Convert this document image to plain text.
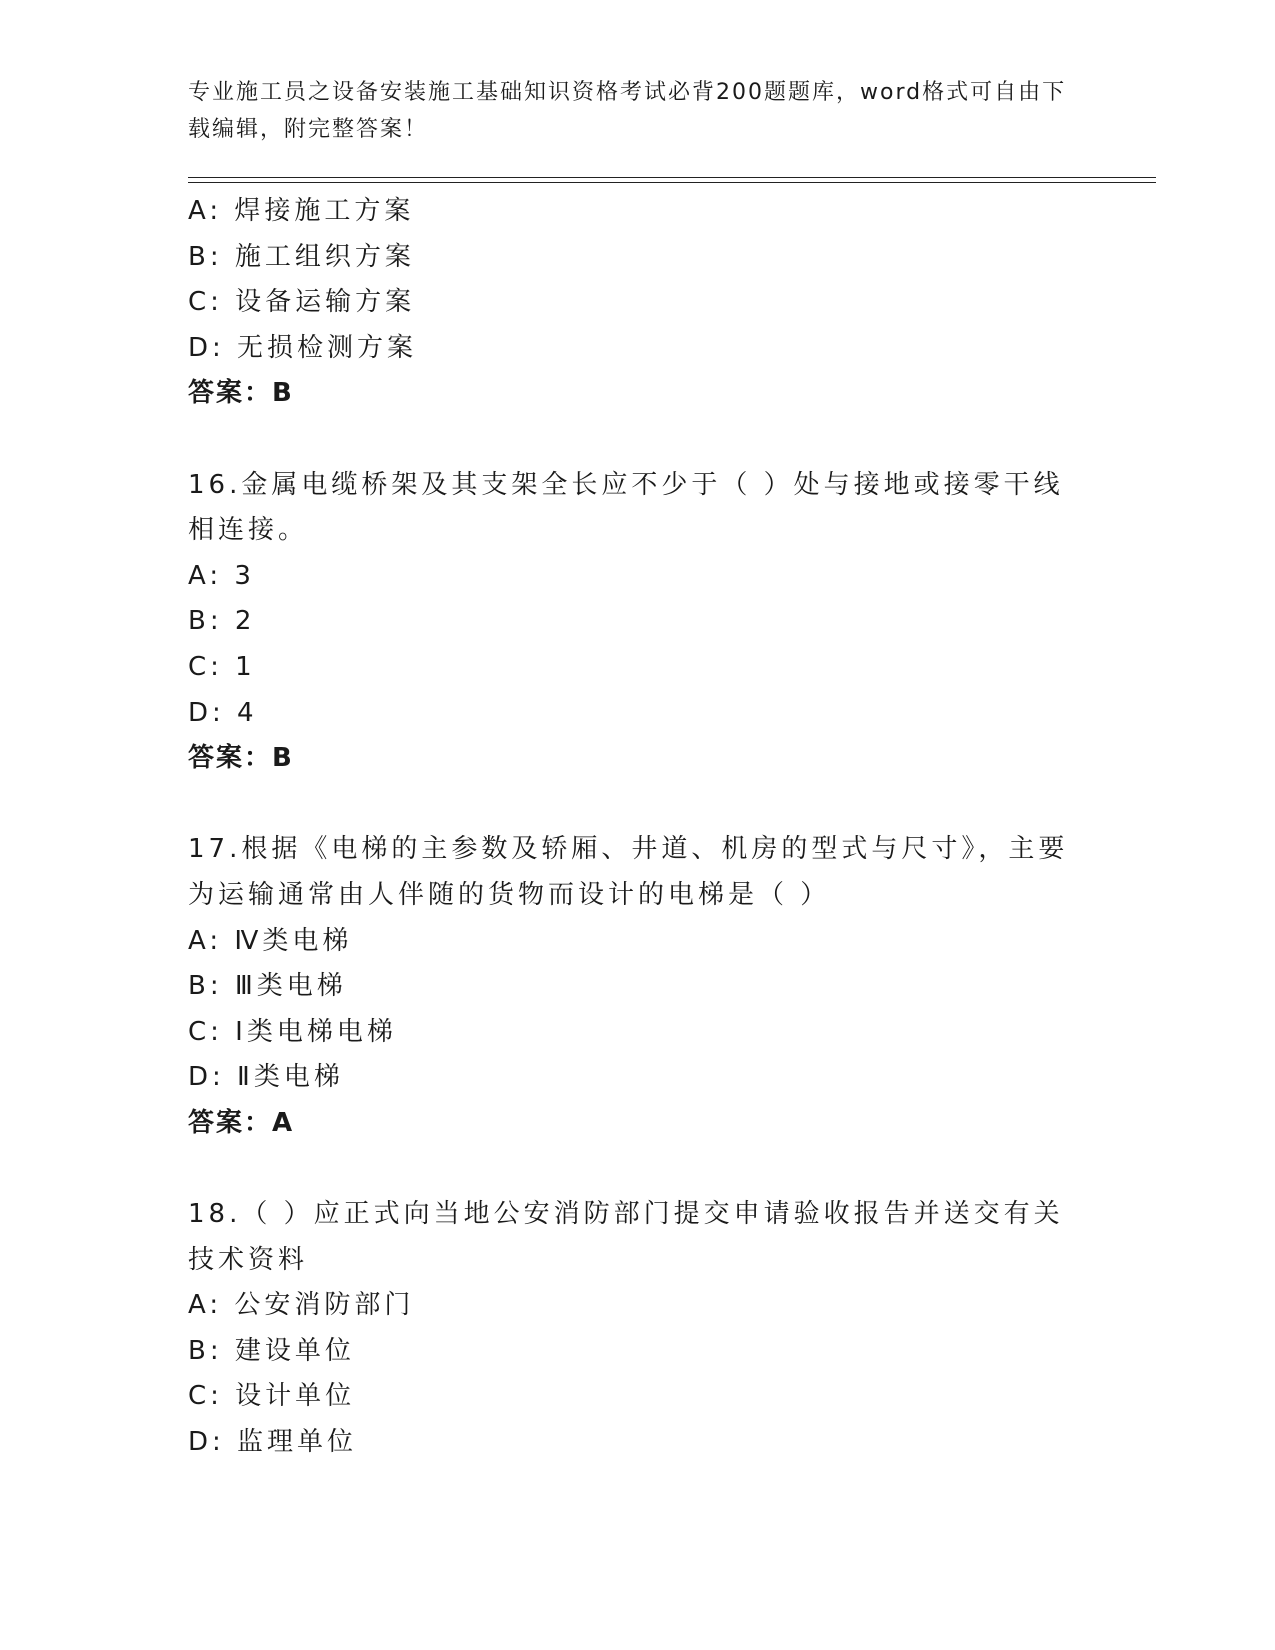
专业施工员之设备安装施工基础知识资格考试必背200题题库，word格式可自由下载编辑，附完整答案！
A: 焊接施工方案
B: 施工组织方案
C: 设备运输方案
D: 无损检测方案
答案：B
16.金属电缆桥架及其支架全长应不少于（ ）处与接地或接零干线相连接。
A: 3
B: 2
C: 1
D: 4
答案：B
17.根据《电梯的主参数及轿厢、井道、机房的型式与尺寸》，主要为运输通常由人伴随的货物而设计的电梯是（ ）
A: Ⅳ类电梯
B: Ⅲ类电梯
C: Ⅰ类电梯电梯
D: Ⅱ类电梯
答案：A
18.（ ）应正式向当地公安消防部门提交申请验收报告并送交有关技术资料
A: 公安消防部门
B: 建设单位
C: 设计单位
D: 监理单位
